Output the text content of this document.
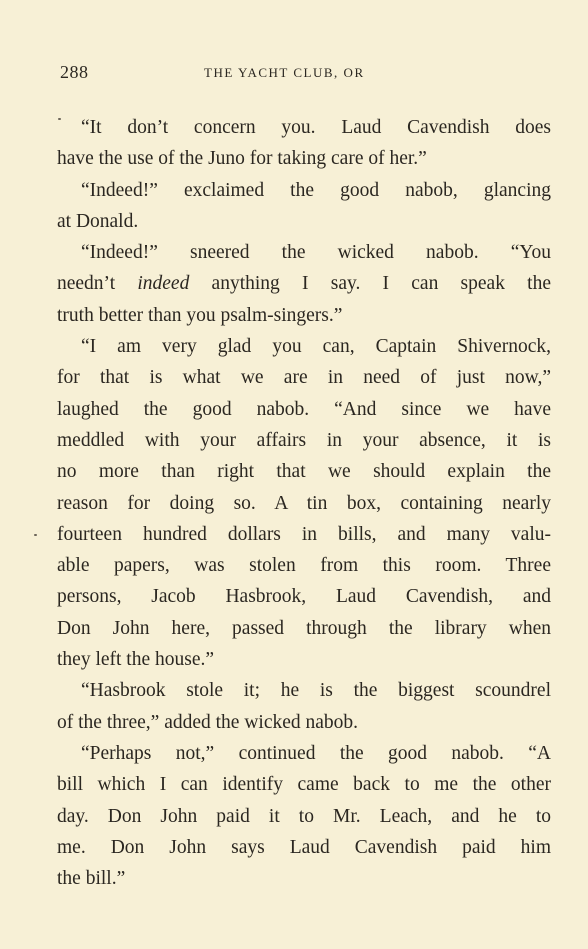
288	THE YACHT CLUB, OR
“It don’t concern you. Laud Cavendish does
have the use of the Juno for taking care of her.”
“Indeed!” exclaimed the good nabob, glancing
at Donald.
“Indeed!” sneered the wicked nabob. “You
needn’t indeed anything I say. I can speak the
truth better than you psalm-singers.”
“I am very glad you can, Captain Shivernock,
for that is what we are in need of just now,”
laughed the good nabob. “And since we have
meddled with your affairs in your absence, it is
no more than right that we should explain the
reason for doing so. A tin box, containing nearly
fourteen hundred dollars in bills, and many valu-
able papers, was stolen from this room. Three
persons, Jacob Hasbrook, Laud Cavendish, and
Don John here, passed through the library when
they left the house.”
“Hasbrook stole it; he is the biggest scoundrel
of the three,” added the wicked nabob.
“Perhaps not,” continued the good nabob. “A
bill which I can identify came back to me the other
day. Don John paid it to Mr. Leach, and he to
me. Don John says Laud Cavendish paid him
the bill.”
